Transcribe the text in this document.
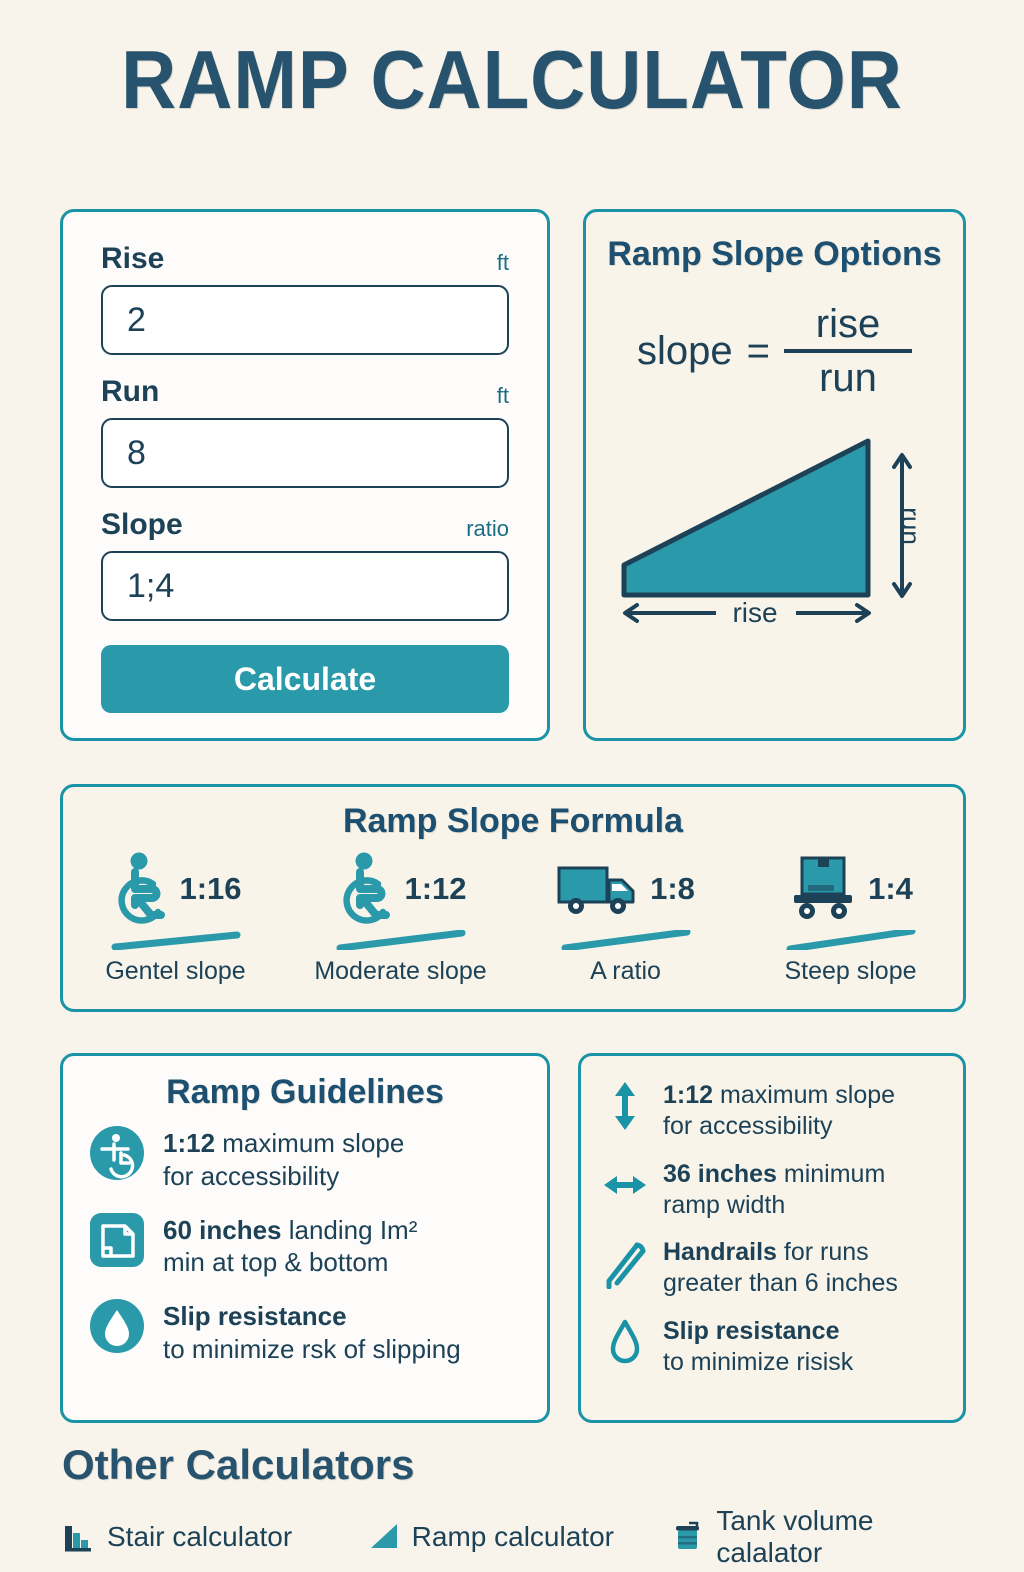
RAMP CALCULATOR
Rise	ft
2
Run	ft
8
Slope	ratio
1;4
Calculate
Ramp Slope Options
slope = $\frac{\text{rise}}{\text{run}}$
run
rise
Ramp Slope Formula
1:16
Gentel slope
1:12
Moderate slope
1:8
A ratio
1:4
Steep slope
Ramp Guidelines
1:12 maximum slope
for accessibility
60 inches landing Im²
min at top & bottom
Slip resistance
to minimize rsk of slipping
1:12 maximum slope
for accessibility
36 inches minimum
ramp width
Handrails for runs
greater than 6 inches
Slip resistance
to minimize risisk
Other Calculators
Stair calculator	Ramp calculator
Tank volume calalator
